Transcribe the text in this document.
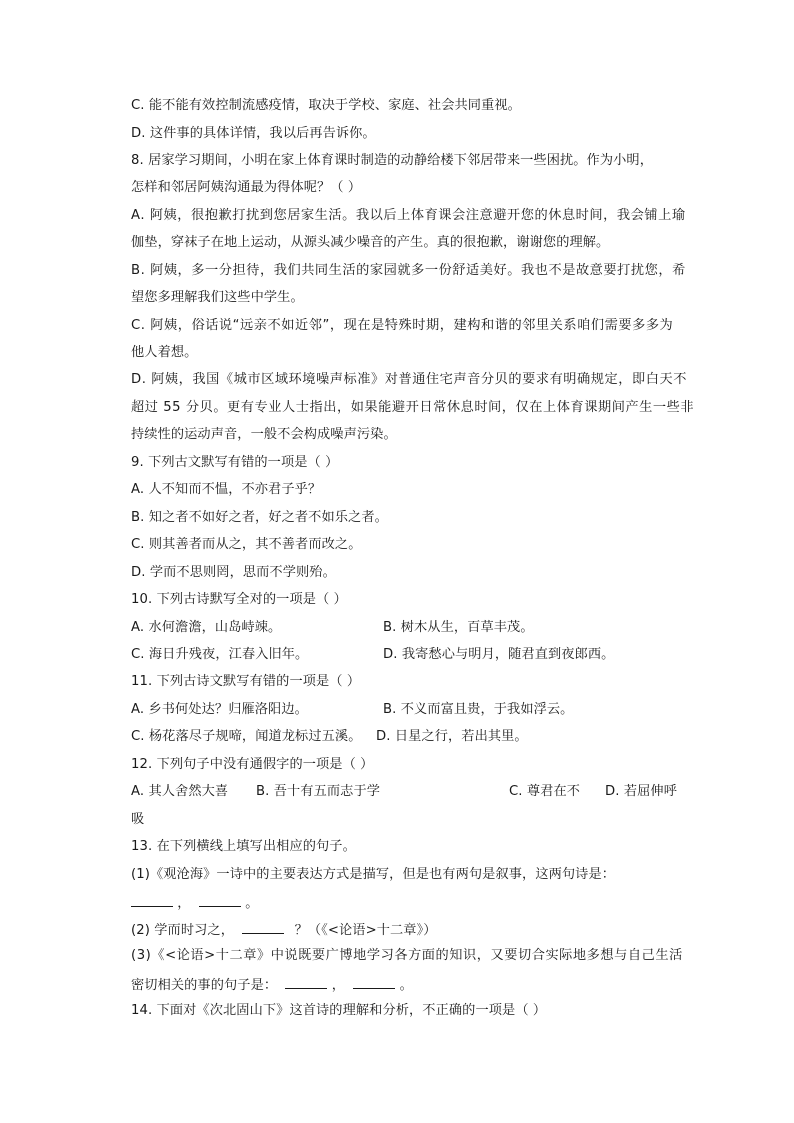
C. 能不能有效控制流感疫情，取决于学校、家庭、社会共同重视。
D. 这件事的具体详情，我以后再告诉你。
8. 居家学习期间，小明在家上体育课时制造的动静给楼下邻居带来一些困扰。作为小明，
怎样和邻居阿姨沟通最为得体呢？（ ）
A. 阿姨，很抱歉打扰到您居家生活。我以后上体育课会注意避开您的休息时间，我会铺上瑜
伽垫，穿袜子在地上运动，从源头减少噪音的产生。真的很抱歉，谢谢您的理解。
B. 阿姨，多一分担待，我们共同生活的家园就多一份舒适美好。我也不是故意要打扰您，希
望您多理解我们这些中学生。
C. 阿姨，俗话说“远亲不如近邻”，现在是特殊时期，建构和谐的邻里关系咱们需要多多为
他人着想。
D. 阿姨，我国《城市区域环境噪声标准》对普通住宅声音分贝的要求有明确规定，即白天不
超过 55 分贝。更有专业人士指出，如果能避开日常休息时间，仅在上体育课期间产生一些非
持续性的运动声音，一般不会构成噪声污染。
9. 下列古文默写有错的一项是（ ）
A. 人不知而不愠，不亦君子乎？
B. 知之者不如好之者，好之者不如乐之者。
C. 则其善者而从之，其不善者而改之。
D. 学而不思则罔，思而不学则殆。
10. 下列古诗默写全对的一项是（ ）
A. 水何澹澹，山岛峙竦。	B. 树木从生，百草丰茂。
C. 海日升残夜，江春入旧年。	D. 我寄愁心与明月，随君直到夜郎西。
11. 下列古诗文默写有错的一项是（ ）
A. 乡书何处达？归雁洛阳边。	B. 不义而富且贵，于我如浮云。
C. 杨花落尽子规啼，闻道龙标过五溪。 D. 日星之行，若出其里。
12. 下列句子中没有通假字的一项是（ ）
A. 其人舍然大喜 B. 吾十有五而志于学	C. 尊君在不 D. 若屈伸呼
吸
13. 在下列横线上填写出相应的句子。
(1)《观沧海》一诗中的主要表达方式是描写，但是也有两句是叙事，这两句诗是：
，	。
(2) 学而时习之，	？（《<论语>十二章》）
(3)《<论语>十二章》中说既要广博地学习各方面的知识，又要切合实际地多想与自己生活
密切相关的事的句子是：	，	。
14. 下面对《次北固山下》这首诗的理解和分析，不正确的一项是（ ）
